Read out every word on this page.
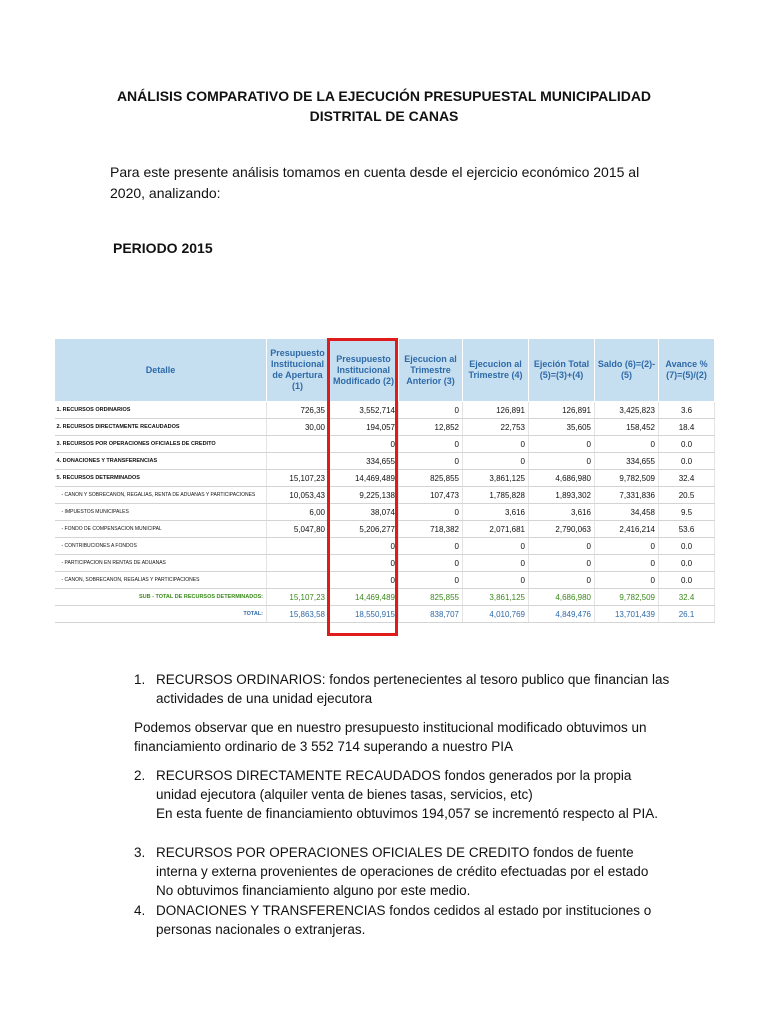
ANÁLISIS COMPARATIVO DE LA EJECUCIÓN PRESUPUESTAL MUNICIPALIDAD
DISTRITAL DE CANAS
Para este presente análisis tomamos en cuenta desde el ejercicio económico 2015 al 2020, analizando:
PERIODO 2015
Detalle	Presupuesto Institucional de Apertura (1)	Presupuesto Institucional Modificado (2)	Ejecucion al Trimestre Anterior (3)	Ejecucion al Trimestre (4)	Ejeción Total (5)=(3)+(4)	Saldo (6)=(2)-(5)	Avance % (7)=(5)/(2)
1. RECURSOS ORDINARIOS	726,35	3,552,714	0	126,891	126,891	3,425,823	3.6
2. RECURSOS DIRECTAMENTE RECAUDADOS	30,00	194,057	12,852	22,753	35,605	158,452	18.4
3. RECURSOS POR OPERACIONES OFICIALES DE CREDITO		0	0	0	0	0	0.0
4. DONACIONES Y TRANSFERENCIAS		334,655	0	0	0	334,655	0.0
5. RECURSOS DETERMINADOS	15,107,23	14,469,489	825,855	3,861,125	4,686,980	9,782,509	32.4
- CANON Y SOBRECANON, REGALIAS, RENTA DE ADUANAS Y PARTICIPACIONES	10,053,43	9,225,138	107,473	1,785,828	1,893,302	7,331,836	20.5
- IMPUESTOS MUNICIPALES	6,00	38,074	0	3,616	3,616	34,458	9.5
- FONDO DE COMPENSACION MUNICIPAL	5,047,80	5,206,277	718,382	2,071,681	2,790,063	2,416,214	53.6
- CONTRIBUCIONES A FONDOS		0	0	0	0	0	0.0
- PARTICIPACION EN RENTAS DE ADUANAS		0	0	0	0	0	0.0
- CANON, SOBRECANON, REGALIAS Y PARTICIPACIONES		0	0	0	0	0	0.0
SUB - TOTAL DE RECURSOS DETERMINADOS:	15,107,23	14,469,489	825,855	3,861,125	4,686,980	9,782,509	32.4
TOTAL:	15,863,58	18,550,915	838,707	4,010,769	4,849,476	13,701,439	26.1
1. RECURSOS ORDINARIOS: fondos pertenecientes al tesoro publico que financian las actividades de una unidad ejecutora
Podemos observar que en nuestro presupuesto institucional modificado obtuvimos un financiamiento ordinario de 3 552 714 superando a nuestro PIA
2. RECURSOS DIRECTAMENTE RECAUDADOS fondos generados por la propia unidad ejecutora (alquiler venta de bienes tasas, servicios, etc)
En esta fuente de financiamiento obtuvimos 194,057 se incrementó respecto al PIA.
3. RECURSOS POR OPERACIONES OFICIALES DE CREDITO fondos de fuente interna y externa provenientes de operaciones de crédito efectuadas por el estado
No obtuvimos financiamiento alguno por este medio.
4. DONACIONES Y TRANSFERENCIAS fondos cedidos al estado por instituciones o personas nacionales o extranjeras.
